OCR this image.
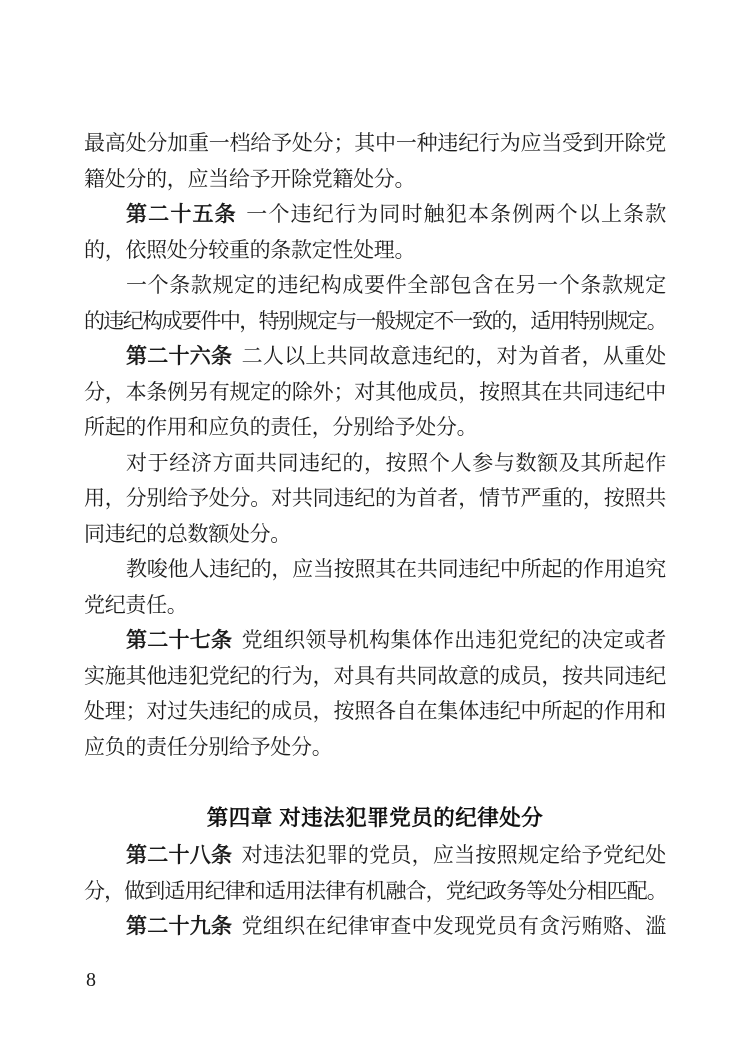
最高处分加重一档给予处分；其中一种违纪行为应当受到开除党
籍处分的，应当给予开除党籍处分。
第二十五条 一个违纪行为同时触犯本条例两个以上条款
的，依照处分较重的条款定性处理。
一个条款规定的违纪构成要件全部包含在另一个条款规定
的违纪构成要件中，特别规定与一般规定不一致的，适用特别规定。
第二十六条 二人以上共同故意违纪的，对为首者，从重处
分，本条例另有规定的除外；对其他成员，按照其在共同违纪中
所起的作用和应负的责任，分别给予处分。
对于经济方面共同违纪的，按照个人参与数额及其所起作
用，分别给予处分。对共同违纪的为首者，情节严重的，按照共
同违纪的总数额处分。
教唆他人违纪的，应当按照其在共同违纪中所起的作用追究
党纪责任。
第二十七条 党组织领导机构集体作出违犯党纪的决定或者
实施其他违犯党纪的行为，对具有共同故意的成员，按共同违纪
处理；对过失违纪的成员，按照各自在集体违纪中所起的作用和
应负的责任分别给予处分。
第四章 对违法犯罪党员的纪律处分
第二十八条 对违法犯罪的党员，应当按照规定给予党纪处
分，做到适用纪律和适用法律有机融合，党纪政务等处分相匹配。
第二十九条 党组织在纪律审查中发现党员有贪污贿赂、滥
8
